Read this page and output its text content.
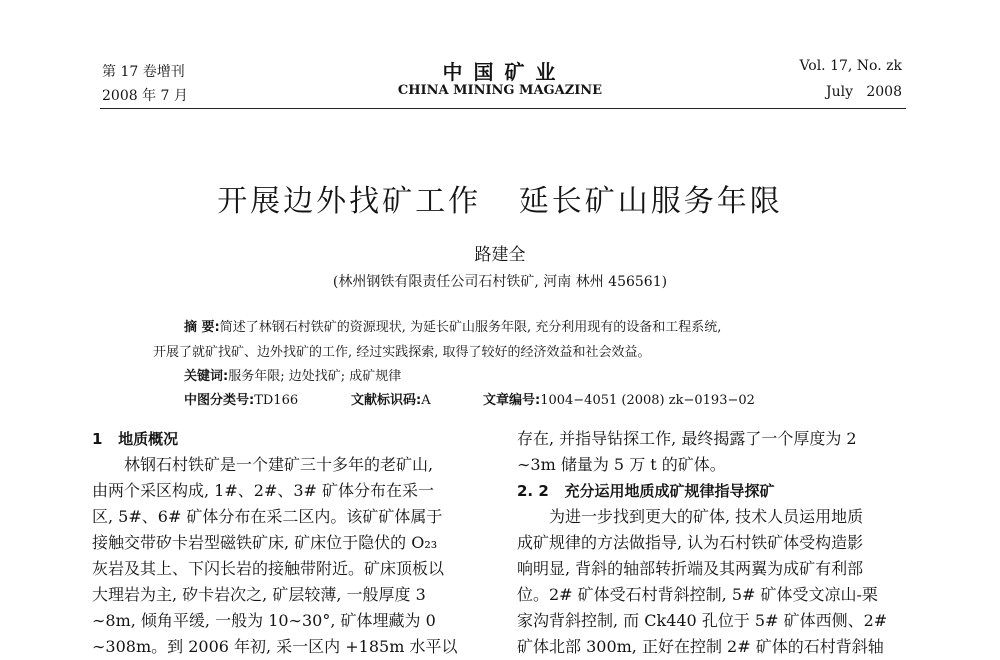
第 17 卷增刊
2008 年 7 月
中 国 矿 业
CHINA MINING MAGAZINE
Vol. 17, No. zk
July   2008
开展边外找矿工作   延长矿山服务年限
路建全
(林州钢铁有限责任公司石村铁矿, 河南 林州 456561)
摘 要:简述了林钢石村铁矿的资源现状, 为延长矿山服务年限, 充分利用现有的设备和工程系统,
开展了就矿找矿、边外找矿的工作, 经过实践探索, 取得了较好的经济效益和社会效益。
关键词:服务年限; 边处找矿; 成矿规律
中图分类号:TD166	文献标识码:A	文章编号:1004−4051 (2008) zk−0193−02

1   地质概况

林钢石村铁矿是一个建矿三十多年的老矿山,

由两个采区构成, 1#、2#、3# 矿体分布在采一

区, 5#、6# 矿体分布在采二区内。该矿矿体属于

接触交带矽卡岩型磁铁矿床, 矿床位于隐伏的 O₂₃

灰岩及其上、下闪长岩的接触带附近。矿床顶板以

大理岩为主, 矽卡岩次之, 矿层较薄, 一般厚度 3

∼8m, 倾角平缓, 一般为 10∼30°, 矿体埋藏为 0

∼308m。到 2006 年初, 采一区内 +185m 水平以

存在, 并指导钻探工作, 最终揭露了一个厚度为 2

∼3m 储量为 5 万 t 的矿体。

2. 2   充分运用地质成矿规律指导探矿

为进一步找到更大的矿体, 技术人员运用地质

成矿规律的方法做指导, 认为石村铁矿体受构造影

响明显, 背斜的轴部转折端及其两翼为成矿有利部

位。2# 矿体受石村背斜控制, 5# 矿体受文凉山-栗

家沟背斜控制, 而 Ck440 孔位于 5# 矿体西侧、2#

矿体北部 300m, 正好在控制 2# 矿体的石村背斜轴
